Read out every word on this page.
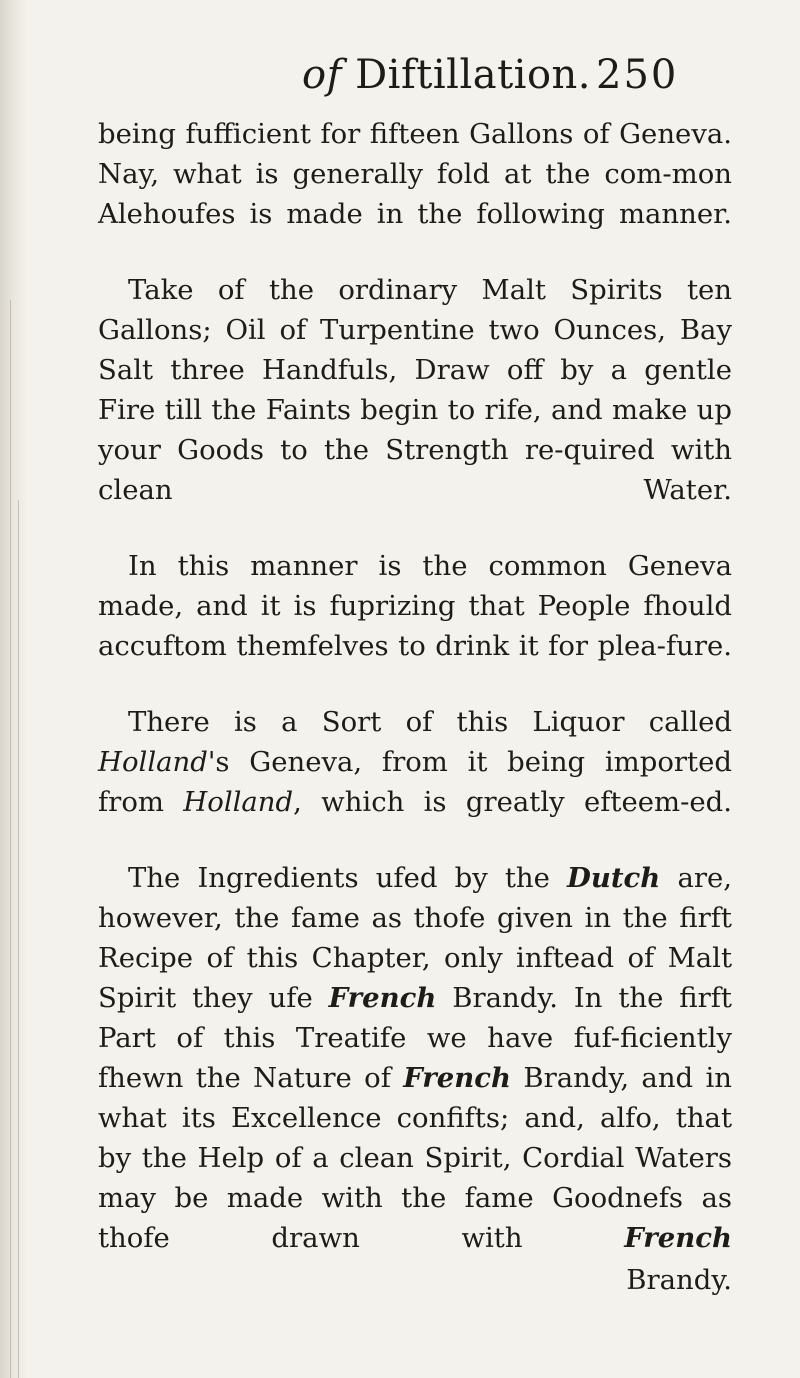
of Diftillation. 250

being fufficient for fifteen Gallons of Geneva. Nay, what is generally fold at the com-mon Alehoufes is made in the following manner.

Take of the ordinary Malt Spirits ten Gallons; Oil of Turpentine two Ounces, Bay Salt three Handfuls, Draw off by a gentle Fire till the Faints begin to rife, and make up your Goods to the Strength re-quired with clean Water.

In this manner is the common Geneva made, and it is fuprizing that People fhould accuftom themfelves to drink it for plea-fure.

There is a Sort of this Liquor called Holland's Geneva, from it being imported from Holland, which is greatly efteem-ed.

The Ingredients ufed by the Dutch are, however, the fame as thofe given in the firft Recipe of this Chapter, only inftead of Malt Spirit they ufe French Brandy. In the firft Part of this Treatife we have fuf-ficiently fhewn the Nature of French Brandy, and in what its Excellence confifts; and, alfo, that by the Help of a clean Spirit, Cordial Waters may be made with the fame Goodnefs as thofe drawn with	French

Brandy.
